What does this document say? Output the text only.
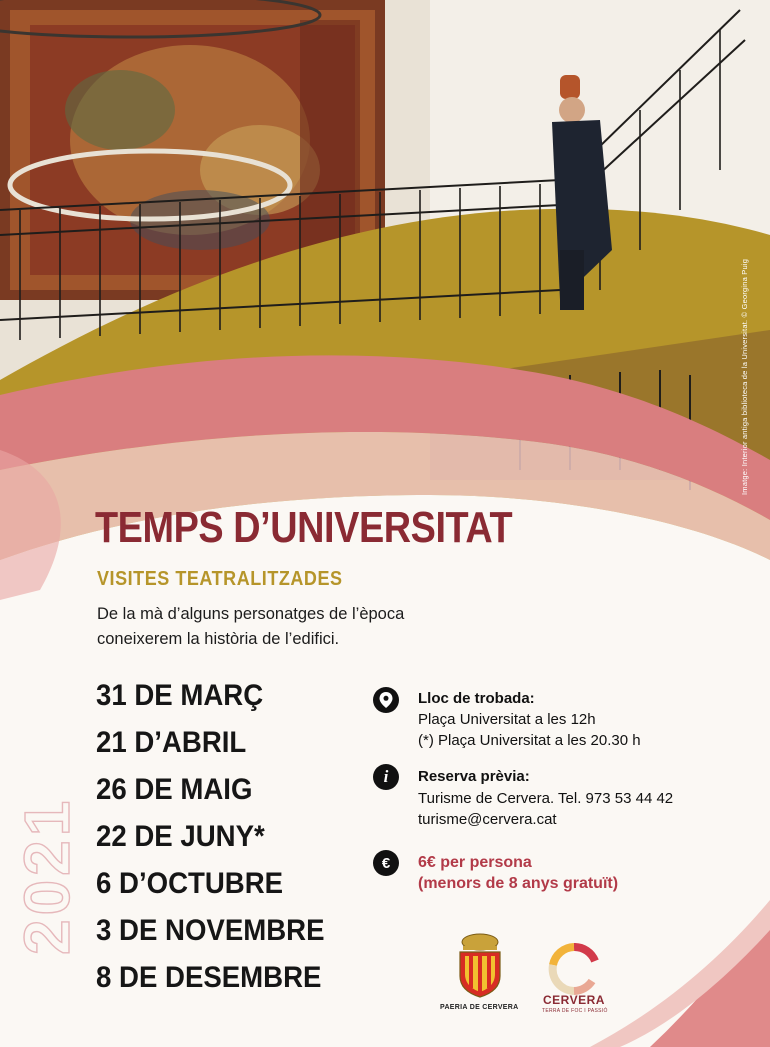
Imatge: Interior antiga biblioteca de la Universitat. © Georgina Puig
2021
TEMPS D’UNIVERSITAT
VISITES TEATRALITZADES
De la mà d’alguns personatges de l’època
coneixerem la història de l’edifici.
31 DE MARÇ
21 D’ABRIL
26 DE MAIG
22 DE JUNY*
6 D’OCTUBRE
3 DE NOVEMBRE
8 DE DESEMBRE
Lloc de trobada:
Plaça Universitat a les 12h
(*) Plaça Universitat a les 20.30 h
i	Reserva prèvia:
Turisme de Cervera. Tel. 973 53 44 42
turisme@cervera.cat
€	6€ per persona
(menors de 8 anys gratuït)
PAERIA DE CERVERA
CERVERA
TERRA DE FOC I PASSIÓ
